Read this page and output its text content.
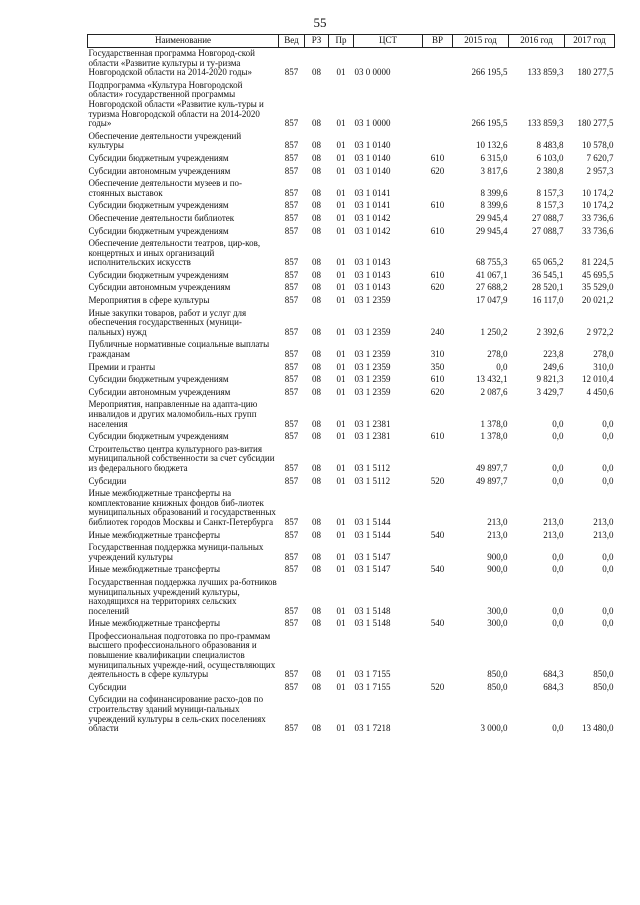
55
Наименование	Вед	РЗ	Пр	ЦСТ	ВР	2015 год	2016 год	2017 год
Государственная программа Новгород-ской области «Развитие культуры и ту-ризма Новгородской области на 2014-2020 годы»	857	08	01	03 0 0000		266 195,5	133 859,3	180 277,5
Подпрограмма «Культура Новгородской области» государственной программы Новгородской области «Развитие куль-туры и туризма Новгородской области на 2014-2020 годы»	857	08	01	03 1 0000		266 195,5	133 859,3	180 277,5
Обеспечение деятельности учреждений культуры	857	08	01	03 1 0140		10 132,6	8 483,8	10 578,0
Субсидии бюджетным учреждениям	857	08	01	03 1 0140	610	6 315,0	6 103,0	7 620,7
Субсидии автономным учреждениям	857	08	01	03 1 0140	620	3 817,6	2 380,8	2 957,3
Обеспечение деятельности музеев и по-стоянных выставок	857	08	01	03 1 0141		8 399,6	8 157,3	10 174,2
Субсидии бюджетным учреждениям	857	08	01	03 1 0141	610	8 399,6	8 157,3	10 174,2
Обеспечение деятельности библиотек	857	08	01	03 1 0142		29 945,4	27 088,7	33 736,6
Субсидии бюджетным учреждениям	857	08	01	03 1 0142	610	29 945,4	27 088,7	33 736,6
Обеспечение деятельности театров, цир-ков, концертных и иных организаций исполнительских искусств	857	08	01	03 1 0143		68 755,3	65 065,2	81 224,5
Субсидии бюджетным учреждениям	857	08	01	03 1 0143	610	41 067,1	36 545,1	45 695,5
Субсидии автономным учреждениям	857	08	01	03 1 0143	620	27 688,2	28 520,1	35 529,0
Мероприятия в сфере культуры	857	08	01	03 1 2359		17 047,9	16 117,0	20 021,2
Иные закупки товаров, работ и услуг для обеспечения государственных (муници-пальных) нужд	857	08	01	03 1 2359	240	1 250,2	2 392,6	2 972,2
Публичные нормативные социальные выплаты гражданам	857	08	01	03 1 2359	310	278,0	223,8	278,0
Премии и гранты	857	08	01	03 1 2359	350	0,0	249,6	310,0
Субсидии бюджетным учреждениям	857	08	01	03 1 2359	610	13 432,1	9 821,3	12 010,4
Субсидии автономным учреждениям	857	08	01	03 1 2359	620	2 087,6	3 429,7	4 450,6
Мероприятия, направленные на адапта-цию инвалидов и других маломобиль-ных групп населения	857	08	01	03 1 2381		1 378,0	0,0	0,0
Субсидии бюджетным учреждениям	857	08	01	03 1 2381	610	1 378,0	0,0	0,0
Строительство центра культурного раз-вития муниципальной собственности за счет субсидии из федерального бюджета	857	08	01	03 1 5112		49 897,7	0,0	0,0
Субсидии	857	08	01	03 1 5112	520	49 897,7	0,0	0,0
Иные межбюджетные трансферты на комплектование книжных фондов биб-лиотек муниципальных образований и государственных библиотек городов Москвы и Санкт-Петербурга	857	08	01	03 1 5144		213,0	213,0	213,0
Иные межбюджетные трансферты	857	08	01	03 1 5144	540	213,0	213,0	213,0
Государственная поддержка муници-пальных учреждений культуры	857	08	01	03 1 5147		900,0	0,0	0,0
Иные межбюджетные трансферты	857	08	01	03 1 5147	540	900,0	0,0	0,0
Государственная поддержка лучших ра-ботников муниципальных учреждений культуры, находящихся на территориях сельских поселений	857	08	01	03 1 5148		300,0	0,0	0,0
Иные межбюджетные трансферты	857	08	01	03 1 5148	540	300,0	0,0	0,0
Профессиональная подготовка по про-граммам высшего профессионального образования и повышение квалификации специалистов муниципальных учрежде-ний, осуществляющих деятельность в сфере культуры	857	08	01	03 1 7155		850,0	684,3	850,0
Субсидии	857	08	01	03 1 7155	520	850,0	684,3	850,0
Субсидии на софинансирование расхо-дов по строительству зданий муници-пальных учреждений культуры в сель-ских поселениях области	857	08	01	03 1 7218		3 000,0	0,0	13 480,0
